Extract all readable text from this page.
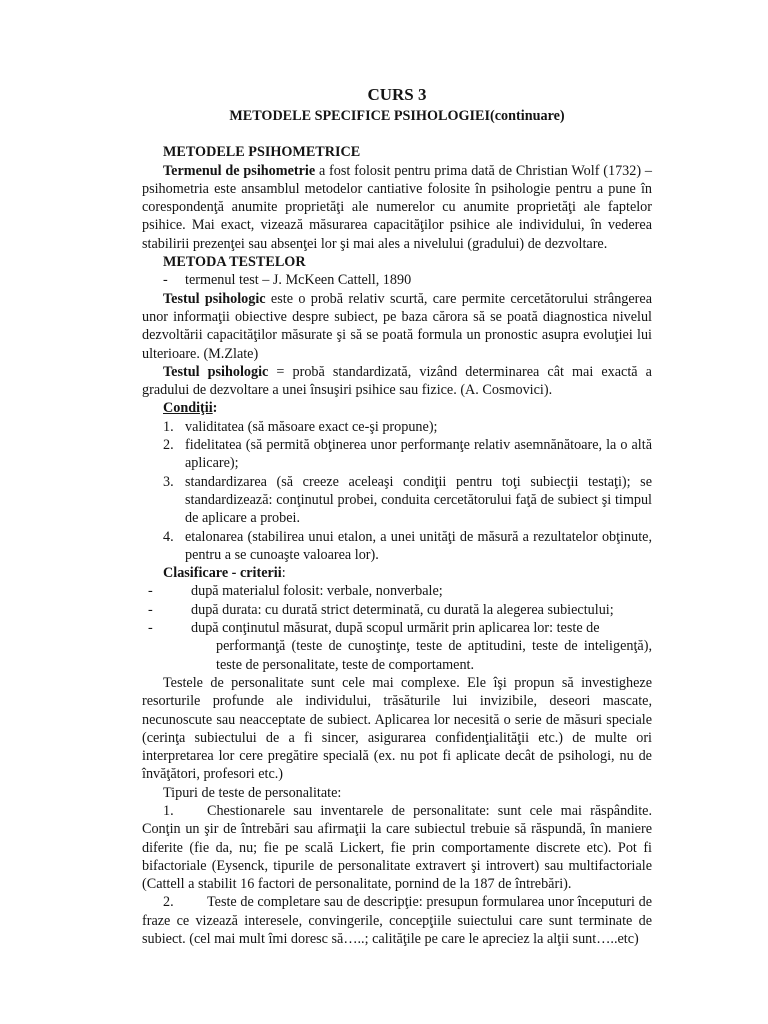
CURS 3
METODELE SPECIFICE PSIHOLOGIEI(continuare)
METODELE PSIHOMETRICE
Termenul de psihometrie a fost folosit pentru prima dată de Christian Wolf (1732) – psihometria este ansamblul metodelor cantiative folosite în psihologie pentru a pune în corespondenţă anumite proprietăţi ale numerelor cu anumite proprietăţi ale faptelor psihice. Mai exact, vizează măsurarea capacităţilor psihice ale individului, în vederea stabilirii prezenţei sau absenţei lor şi mai ales a nivelului (gradului) de dezvoltare.
METODA TESTELOR
- termenul test – J. McKeen Cattell, 1890
Testul psihologic este o probă relativ scurtă, care permite cercetătorului strângerea unor informaţii obiective despre subiect, pe baza cărora să se poată diagnostica nivelul dezvoltării capacităţilor măsurate şi să se poată formula un pronostic asupra evoluţiei lui ulterioare. (M.Zlate)
Testul psihologic = probă standardizată, vizând determinarea cât mai exactă a gradului de dezvoltare a unei însuşiri psihice sau fizice. (A. Cosmovici).
Condiţii:
1. validitatea (să măsoare exact ce-şi propune);
2. fidelitatea (să permită obţinerea unor performanţe relativ asemnănătoare, la o altă aplicare);
3. standardizarea (să creeze aceleaşi condiţii pentru toţi subiecţii testaţi); se standardizează: conţinutul probei, conduita cercetătorului faţă de subiect şi timpul de aplicare a probei.
4. etalonarea (stabilirea unui etalon, a unei unităţi de măsură a rezultatelor obţinute, pentru a se cunoaşte valoarea lor).
Clasificare - criterii:
-	după materialul folosit: verbale, nonverbale;
-	după durata: cu durată strict determinată, cu durată la alegerea subiectului;
-	după conţinutul măsurat, după scopul urmărit prin aplicarea lor: teste de
performanţă (teste de cunoştinţe, teste de aptitudini, teste de inteligenţă), teste de personalitate, teste de comportament.
Testele de personalitate sunt cele mai complexe. Ele îşi propun să investigheze resorturile profunde ale individului, trăsăturile lui invizibile, deseori mascate, necunoscute sau neacceptate de subiect. Aplicarea lor necesită o serie de măsuri speciale (cerinţa subiectului de a fi sincer, asigurarea confidenţialităţii etc.) de multe ori interpretarea lor cere pregătire specială (ex. nu pot fi aplicate decât de psihologi, nu de învăţători, profesori etc.)
Tipuri de teste de personalitate:
1. Chestionarele sau inventarele de personalitate: sunt cele mai răspândite. Conţin un şir de întrebări sau afirmaţii la care subiectul trebuie să răspundă, în maniere diferite (fie da, nu; fie pe scală Lickert, fie prin comportamente discrete etc). Pot fi bifactoriale (Eysenck, tipurile de personalitate extravert şi introvert) sau multifactoriale (Cattell a stabilit 16 factori de personalitate, pornind de la 187 de întrebări).
2. Teste de completare sau de descripţie: presupun formularea unor începuturi de fraze ce vizează interesele, convingerile, concepţiile suiectului care sunt terminate de subiect. (cel mai mult îmi doresc să…..; calităţile pe care le apreciez la alţii sunt…..etc)
